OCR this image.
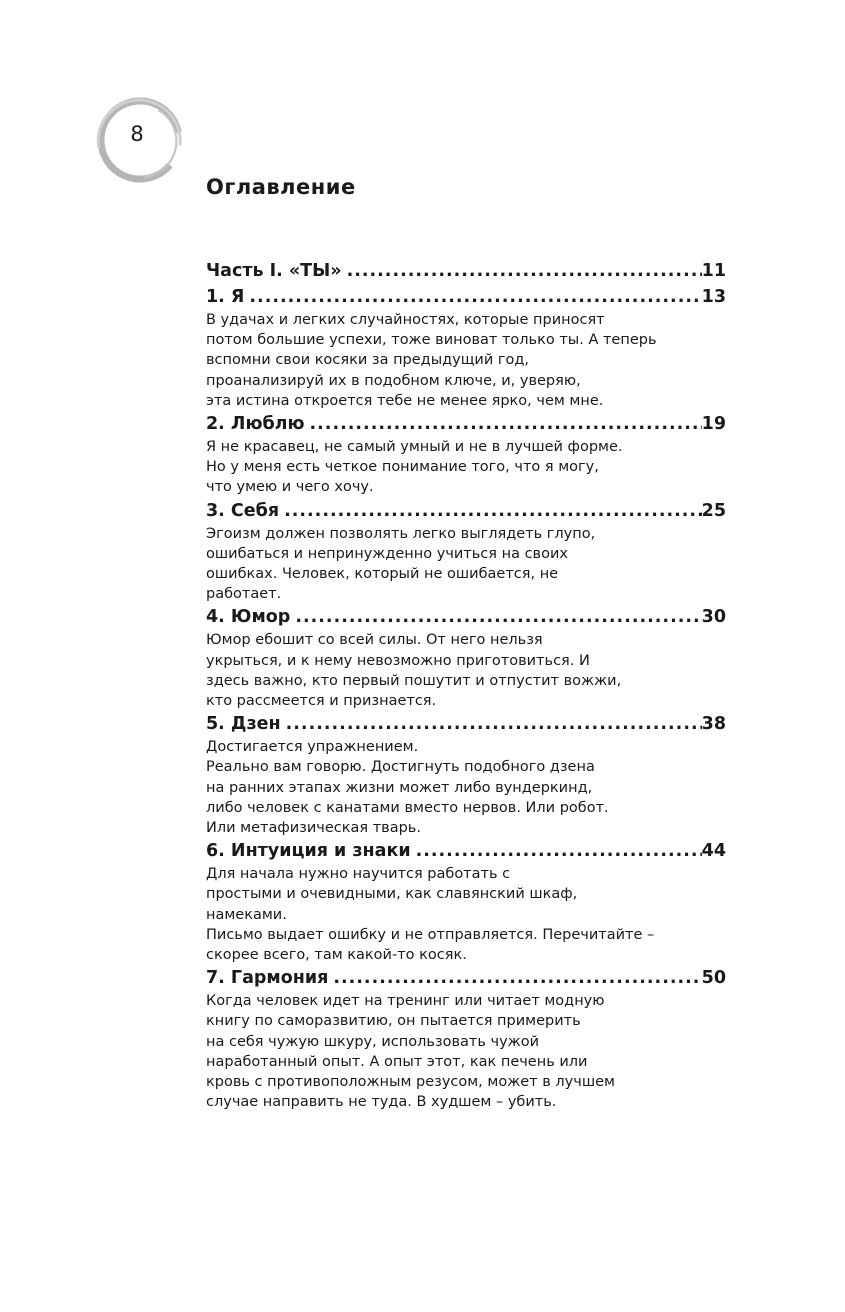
8
Оглавление
Часть I. «ТЫ» .....	11
1. Я .....	13
В удачах и легких случайностях, которые приносят
потом большие успехи, тоже виноват только ты. А теперь
вспомни свои косяки за предыдущий год,
проанализируй их в подобном ключе, и, уверяю,
эта истина откроется тебе не менее ярко, чем мне.
2. Люблю .....	19
Я не красавец, не самый умный и не в лучшей форме.
Но у меня есть четкое понимание того, что я могу,
что умею и чего хочу.
3. Себя .....	25
Эгоизм должен позволять легко выглядеть глупо,
ошибаться и непринужденно учиться на своих
ошибках. Человек, который не ошибается, не
работает.
4. Юмор .....	30
Юмор ебошит со всей силы. От него нельзя
укрыться, и к нему невозможно приготовиться. И
здесь важно, кто первый пошутит и отпустит вожжи,
кто рассмеется и признается.
5. Дзен .....	38
Достигается упражнением.
Реально вам говорю. Достигнуть подобного дзена
на ранних этапах жизни может либо вундеркинд,
либо человек с канатами вместо нервов. Или робот.
Или метафизическая тварь.
6. Интуиция и знаки .....	44
Для начала нужно научится работать с
простыми и очевидными, как славянский шкаф,
намеками.
Письмо выдает ошибку и не отправляется. Перечитайте –
скорее всего, там какой-то косяк.
7. Гармония .....	50
Когда человек идет на тренинг или читает модную
книгу по саморазвитию, он пытается примерить
на себя чужую шкуру, использовать чужой
наработанный опыт. А опыт этот, как печень или
кровь с противоположным резусом, может в лучшем
случае направить не туда. В худшем – убить.
